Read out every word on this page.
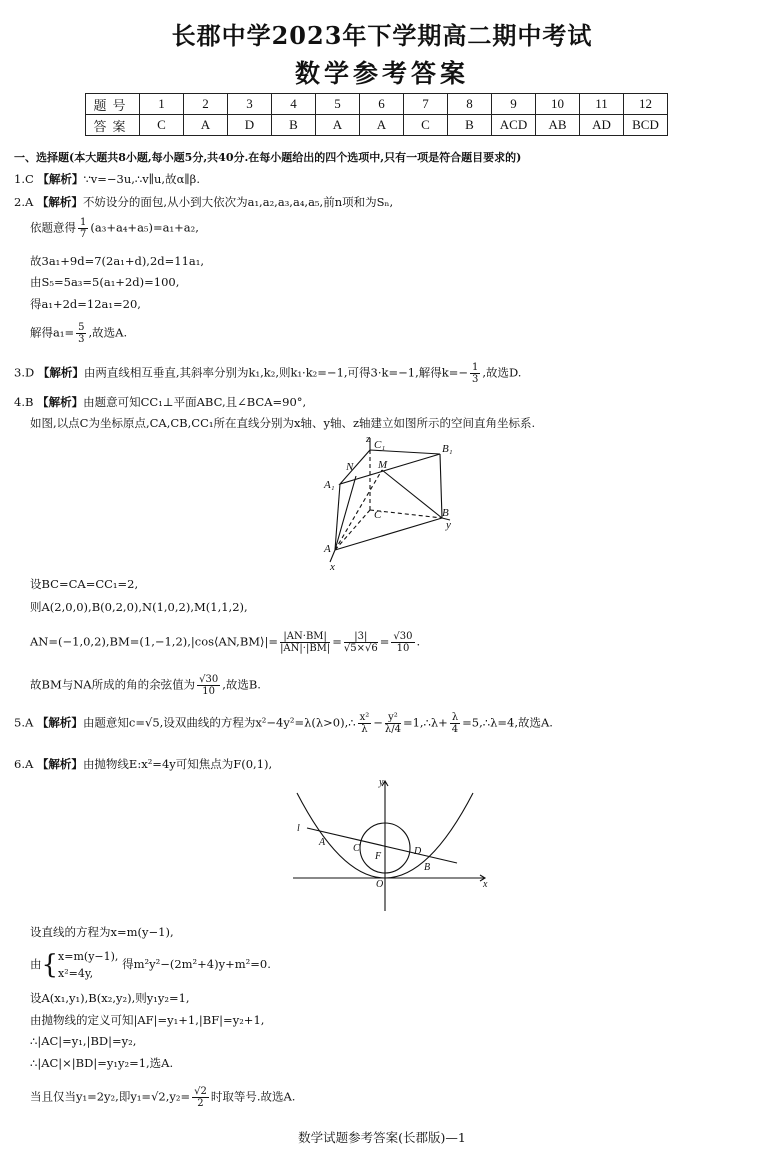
长郡中学2023年下学期高二期中考试
数学参考答案
题号	1	2	3	4	5	6	7	8	9	10	11	12
答案	C	A	D	B	A	A	C	B	ACD	AB	AD	BCD
一、选择题(本大题共8小题,每小题5分,共40分.在每小题给出的四个选项中,只有一项是符合题目要求的)
1.C 【解析】∵v=−3u,∴v∥u,故α∥β.
2.A 【解析】不妨设分的面包,从小到大依次为a₁,a₂,a₃,a₄,a₅,前n项和为Sₙ,
依题意得 $\frac{1}{7} (a_3+a_4+a_5)=a_1+a_2$,
故3a₁+9d=7(2a₁+d),2d=11a₁,
由S₅=5a₃=5(a₁+2d)=100,
得a₁+2d=12a₁=20,
解得$a_1= \frac{5}{3}$ ,故选A.
3.D 【解析】由两直线相互垂直,其斜率分别为k₁,k₂,则k₁·k₂=−1,可得3·k=−1,解得$k=- \frac{1}{3}$ ,故选D.
4.B 【解析】由题意可知CC₁⊥平面ABC,且∠BCA=90°,
如图,以点C为坐标原点,CA,CB,CC₁所在直线分别为x轴、y轴、z轴建立如图所示的空间直角坐标系.
z C₁	B₁
N M
A₁
C	B
y
A
x
设BC=CA=CC₁=2,
则A(2,0,0),B(0,2,0),N(1,0,2),M(1,1,2),
AN=(−1,0,2),BM=(1,−1,2),|cos⟨AN,BM⟩|= $\frac{|AN\cdot BM|}{|AN|\cdot|BM|} = \frac{|3|}{√5\times√6} = \frac{√30}{10}$ .
故BM与NA所成的角的余弦值为 $\frac{√30}{10}$ ,故选B.
5.A 【解析】由题意知c=√5,设双曲线的方程为x²−4y²=λ(λ>0),∴ $\frac{\text{x²}}{\lambda} - \frac{\text{y²}}{\lambda/4}$ =1,∴λ+ $\frac{\lambda}{4}$ =5,∴λ=4,故选A.
6.A 【解析】由抛物线E:x²=4y可知焦点为F(0,1),
y
l
A
C
F	D
B
O	x
设直线的方程为x=m(y−1),
由{ x=m(y−1),
x²=4y,
得m²y²−(2m²+4)y+m²=0.
设A(x₁,y₁),B(x₂,y₂),则y₁y₂=1,
由抛物线的定义可知|AF|=y₁+1,|BF|=y₂+1,
∴|AC|=y₁,|BD|=y₂,
∴|AC|×|BD|=y₁y₂=1,选A.
当且仅当y₁=2y₂,即$y_1=√2,y_2= \frac{√2}{2}$ 时取等号.故选A.
数学试题参考答案(长郡版)—1
